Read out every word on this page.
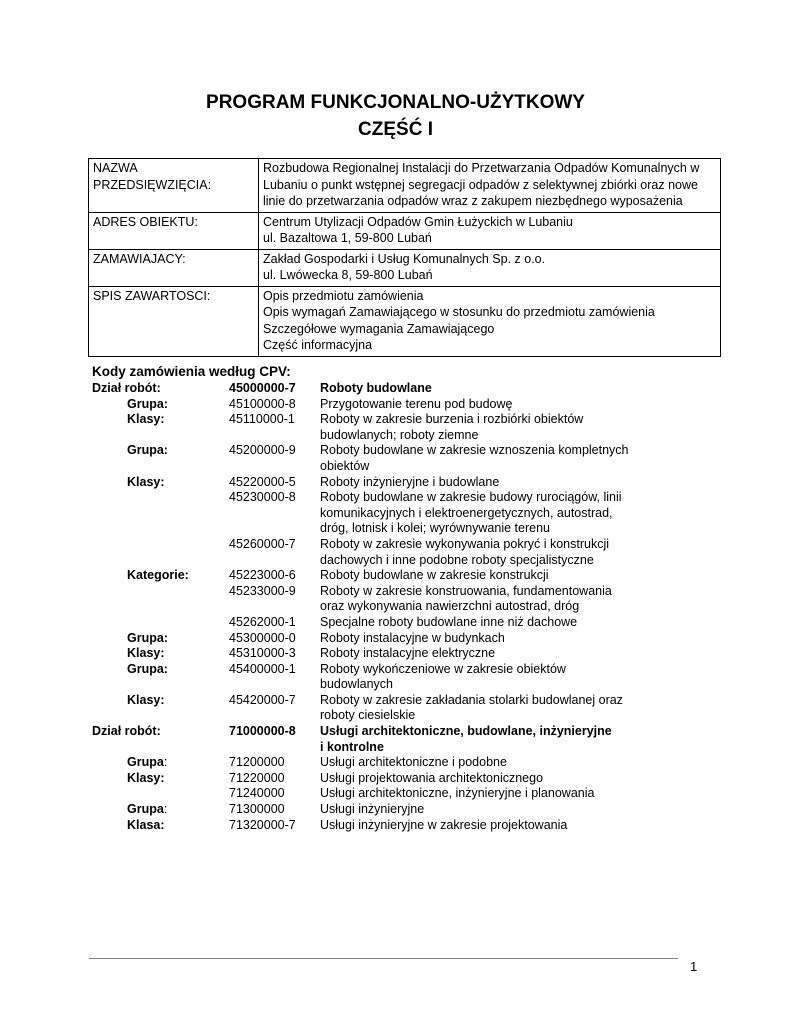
PROGRAM FUNKCJONALNO-UŻYTKOWY
CZĘŚĆ I
NAZWA
PRZEDSIĘWZIĘCIA:	Rozbudowa Regionalnej Instalacji do Przetwarzania Odpadów Komunalnych w
Lubaniu o punkt wstępnej segregacji odpadów z selektywnej zbiórki oraz nowe
linie do przetwarzania odpadów wraz z zakupem niezbędnego wyposażenia

ADRES OBIEKTU:	Centrum Utylizacji Odpadów Gmin Łużyckich w Lubaniu
ul. Bazaltowa 1, 59-800 Lubań

ZAMAWIAJACY:	Zakład Gospodarki i Usług Komunalnych Sp. z o.o.
ul. Lwówecka 8, 59-800 Lubań

SPIS ZAWARTOSCI:	Opis przedmiotu zamówienia
Opis wymagań Zamawiającego w stosunku do przedmiotu zamówienia
Szczegółowe wymagania Zamawiającego
Część informacyjna
Kody zamówienia według CPV:
Dział robót:	45000000-7	Roboty budowlane
Grupa:	45100000-8	Przygotowanie terenu pod budowę
Klasy:	45110000-1	Roboty w zakresie burzenia i rozbiórki obiektów
budowlanych; roboty ziemne
Grupa:	45200000-9	Roboty budowlane w zakresie wznoszenia kompletnych
obiektów
Klasy:	45220000-5	Roboty inżynieryjne i budowlane
45230000-8	Roboty budowlane w zakresie budowy rurociągów, linii
komunikacyjnych i elektroenergetycznych, autostrad,
dróg, lotnisk i kolei; wyrównywanie terenu
45260000-7	Roboty w zakresie wykonywania pokryć i konstrukcji
dachowych i inne podobne roboty specjalistyczne
Kategorie:	45223000-6	Roboty budowlane w zakresie konstrukcji
45233000-9	Roboty w zakresie konstruowania, fundamentowania
oraz wykonywania nawierzchni autostrad, dróg
45262000-1	Specjalne roboty budowlane inne niż dachowe
Grupa:	45300000-0	Roboty instalacyjne w budynkach
Klasy:	45310000-3	Roboty instalacyjne elektryczne
Grupa:	45400000-1	Roboty wykończeniowe w zakresie obiektów
budowlanych
Klasy:	45420000-7	Roboty w zakresie zakładania stolarki budowlanej oraz
roboty ciesielskie
Dział robót:	71000000-8	Usługi architektoniczne, budowlane, inżynieryjne
i kontrolne
Grupa:	71200000	Usługi architektoniczne i podobne
Klasy:	71220000	Usługi projektowania architektonicznego
71240000	Usługi architektoniczne, inżynieryjne i planowania
Grupa:	71300000	Usługi inżynieryjne
Klasa:	71320000-7	Usługi inżynieryjne w zakresie projektowania
1
